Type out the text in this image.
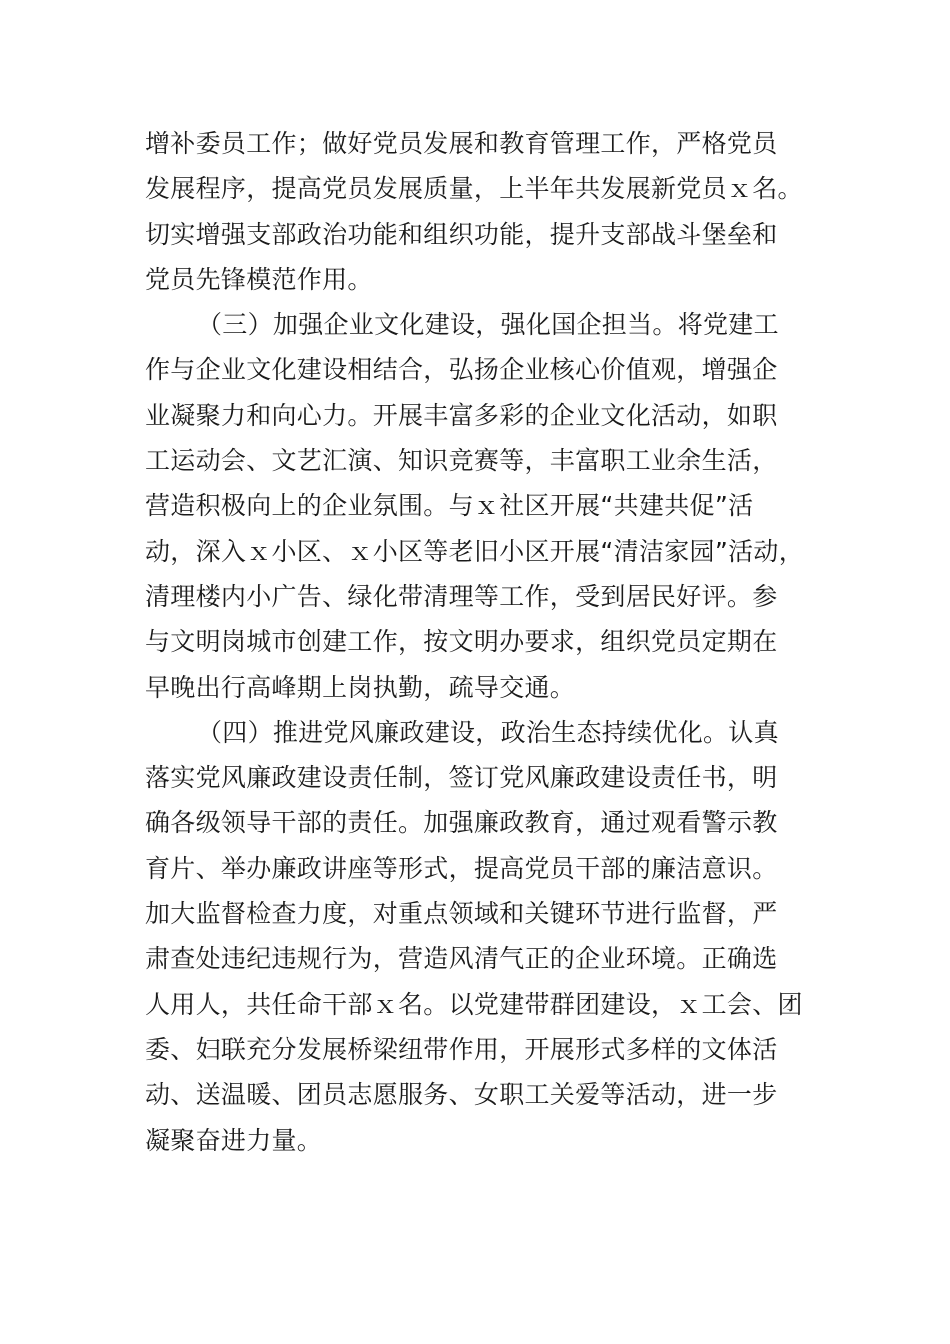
增补委员工作；做好党员发展和教育管理工作，严格党员
发展程序，提高党员发展质量，上半年共发展新党员ｘ名。
切实增强支部政治功能和组织功能，提升支部战斗堡垒和
党员先锋模范作用。
（三）加强企业文化建设，强化国企担当。将党建工
作与企业文化建设相结合，弘扬企业核心价值观，增强企
业凝聚力和向心力。开展丰富多彩的企业文化活动，如职
工运动会、文艺汇演、知识竞赛等，丰富职工业余生活，
营造积极向上的企业氛围。与ｘ社区开展“共建共促”活
动，深入ｘ小区、ｘ小区等老旧小区开展“清洁家园”活动，
清理楼内小广告、绿化带清理等工作，受到居民好评。参
与文明岗城市创建工作，按文明办要求，组织党员定期在
早晚出行高峰期上岗执勤，疏导交通。
（四）推进党风廉政建设，政治生态持续优化。认真
落实党风廉政建设责任制，签订党风廉政建设责任书，明
确各级领导干部的责任。加强廉政教育，通过观看警示教
育片、举办廉政讲座等形式，提高党员干部的廉洁意识。
加大监督检查力度，对重点领域和关键环节进行监督，严
肃查处违纪违规行为，营造风清气正的企业环境。正确选
人用人，共任命干部ｘ名。以党建带群团建设，ｘ工会、团
委、妇联充分发展桥梁纽带作用，开展形式多样的文体活
动、送温暖、团员志愿服务、女职工关爱等活动，进一步
凝聚奋进力量。
